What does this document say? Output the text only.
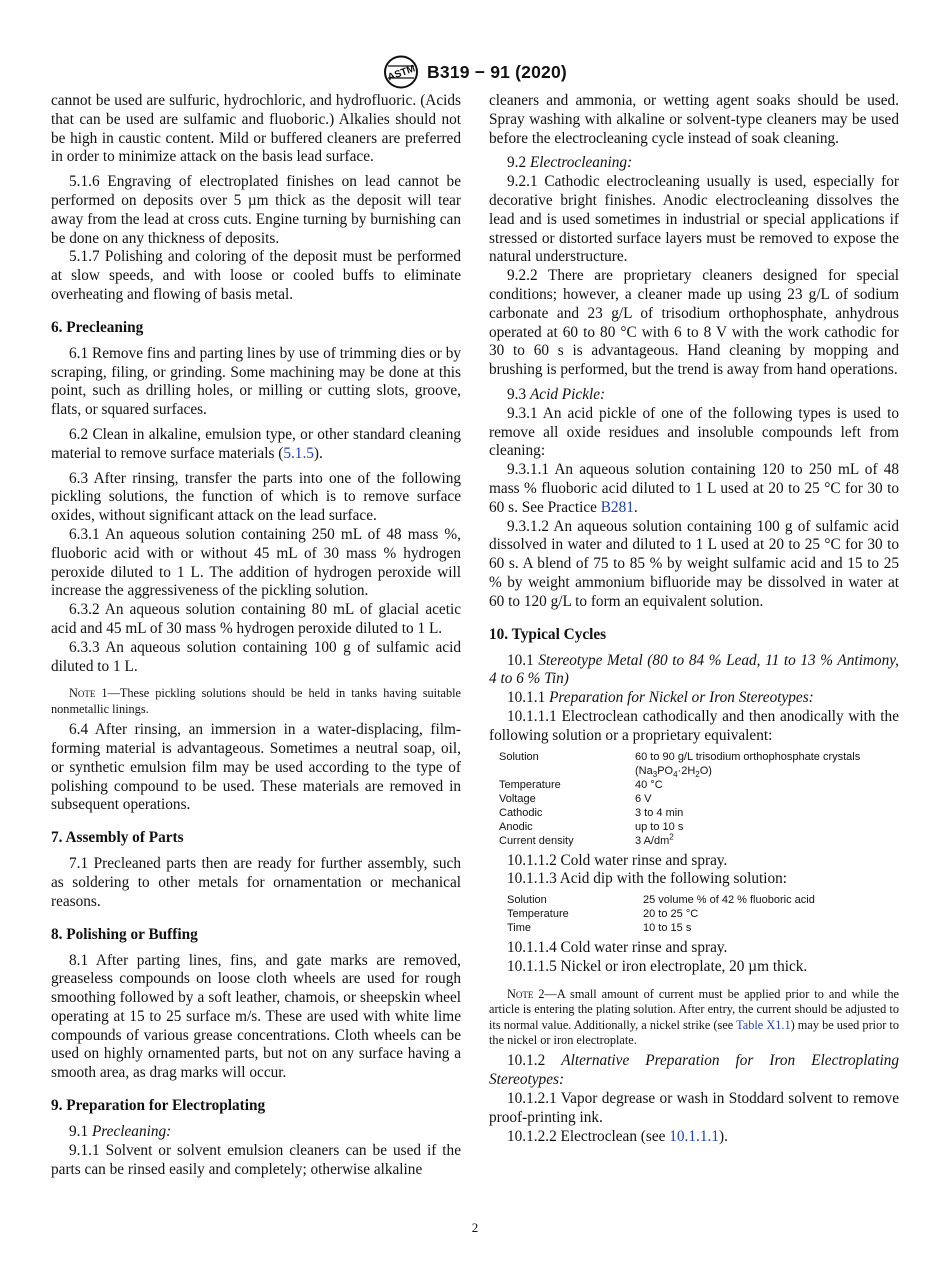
ASTM B319 − 91 (2020)

cannot be used are sulfuric, hydrochloric, and hydrofluoric. (Acids that can be used are sulfamic and fluoboric.) Alkalies should not be high in caustic content. Mild or buffered cleaners are preferred in order to minimize attack on the basis lead surface.

5.1.6 Engraving of electroplated finishes on lead cannot be performed on deposits over 5 µm thick as the deposit will tear away from the lead at cross cuts. Engine turning by burnishing can be done on any thickness of deposits.

5.1.7 Polishing and coloring of the deposit must be performed at slow speeds, and with loose or cooled buffs to eliminate overheating and flowing of basis metal.

6. Precleaning

6.1 Remove fins and parting lines by use of trimming dies or by scraping, filing, or grinding. Some machining may be done at this point, such as drilling holes, or milling or cutting slots, groove, flats, or squared surfaces.

6.2 Clean in alkaline, emulsion type, or other standard cleaning material to remove surface materials (5.1.5).

6.3 After rinsing, transfer the parts into one of the following pickling solutions, the function of which is to remove surface oxides, without significant attack on the lead surface.

6.3.1 An aqueous solution containing 250 mL of 48 mass %, fluoboric acid with or without 45 mL of 30 mass % hydrogen peroxide diluted to 1 L. The addition of hydrogen peroxide will increase the aggressiveness of the pickling solution.

6.3.2 An aqueous solution containing 80 mL of glacial acetic acid and 45 mL of 30 mass % hydrogen peroxide diluted to 1 L.

6.3.3 An aqueous solution containing 100 g of sulfamic acid diluted to 1 L.

Note 1—These pickling solutions should be held in tanks having suitable nonmetallic linings.

6.4 After rinsing, an immersion in a water-displacing, film-forming material is advantageous. Sometimes a neutral soap, oil, or synthetic emulsion film may be used according to the type of polishing compound to be used. These materials are removed in subsequent operations.

7. Assembly of Parts

7.1 Precleaned parts then are ready for further assembly, such as soldering to other metals for ornamentation or mechanical reasons.

8. Polishing or Buffing

8.1 After parting lines, fins, and gate marks are removed, greaseless compounds on loose cloth wheels are used for rough smoothing followed by a soft leather, chamois, or sheepskin wheel operating at 15 to 25 surface m/s. These are used with white lime compounds of various grease concentrations. Cloth wheels can be used on highly ornamented parts, but not on any surface having a smooth area, as drag marks will occur.

9. Preparation for Electroplating

9.1 Precleaning:

9.1.1 Solvent or solvent emulsion cleaners can be used if the parts can be rinsed easily and completely; otherwise alkaline

cleaners and ammonia, or wetting agent soaks should be used. Spray washing with alkaline or solvent-type cleaners may be used before the electrocleaning cycle instead of soak cleaning.

9.2 Electrocleaning:

9.2.1 Cathodic electrocleaning usually is used, especially for decorative bright finishes. Anodic electrocleaning dissolves the lead and is used sometimes in industrial or special applications if stressed or distorted surface layers must be removed to expose the natural understructure.

9.2.2 There are proprietary cleaners designed for special conditions; however, a cleaner made up using 23 g/L of sodium carbonate and 23 g/L of trisodium orthophosphate, anhydrous operated at 60 to 80 °C with 6 to 8 V with the work cathodic for 30 to 60 s is advantageous. Hand cleaning by mopping and brushing is performed, but the trend is away from hand operations.

9.3 Acid Pickle:

9.3.1 An acid pickle of one of the following types is used to remove all oxide residues and insoluble compounds left from cleaning:

9.3.1.1 An aqueous solution containing 120 to 250 mL of 48 mass % fluoboric acid diluted to 1 L used at 20 to 25 °C for 30 to 60 s. See Practice B281.

9.3.1.2 An aqueous solution containing 100 g of sulfamic acid dissolved in water and diluted to 1 L used at 20 to 25 °C for 30 to 60 s. A blend of 75 to 85 % by weight sulfamic acid and 15 to 25 % by weight ammonium bifluoride may be dissolved in water at 60 to 120 g/L to form an equivalent solution.

10. Typical Cycles

10.1 Stereotype Metal (80 to 84 % Lead, 11 to 13 % Antimony, 4 to 6 % Tin)

10.1.1 Preparation for Nickel or Iron Stereotypes:

10.1.1.1 Electroclean cathodically and then anodically with the following solution or a proprietary equivalent:

Solution	60 to 90 g/L trisodium orthophosphate crystals
	$(Na_3PO_4\cdot 2H_2O)$
Temperature	40 °C
Voltage	6 V
Cathodic	3 to 4 min
Anodic	up to 10 s
Current density	3 $A/dm^2$

10.1.1.2 Cold water rinse and spray.

10.1.1.3 Acid dip with the following solution:

Solution	25 volume % of 42 % fluoboric acid
Temperature	20 to 25 °C
Time	10 to 15 s

10.1.1.4 Cold water rinse and spray.

10.1.1.5 Nickel or iron electroplate, 20 µm thick.

Note 2—A small amount of current must be applied prior to and while the article is entering the plating solution. After entry, the current should be adjusted to its normal value. Additionally, a nickel strike (see Table X1.1) may be used prior to the nickel or iron electroplate.

10.1.2 Alternative Preparation for Iron Electroplating Stereotypes:

10.1.2.1 Vapor degrease or wash in Stoddard solvent to remove proof-printing ink.

10.1.2.2 Electroclean (see 10.1.1.1).

2
